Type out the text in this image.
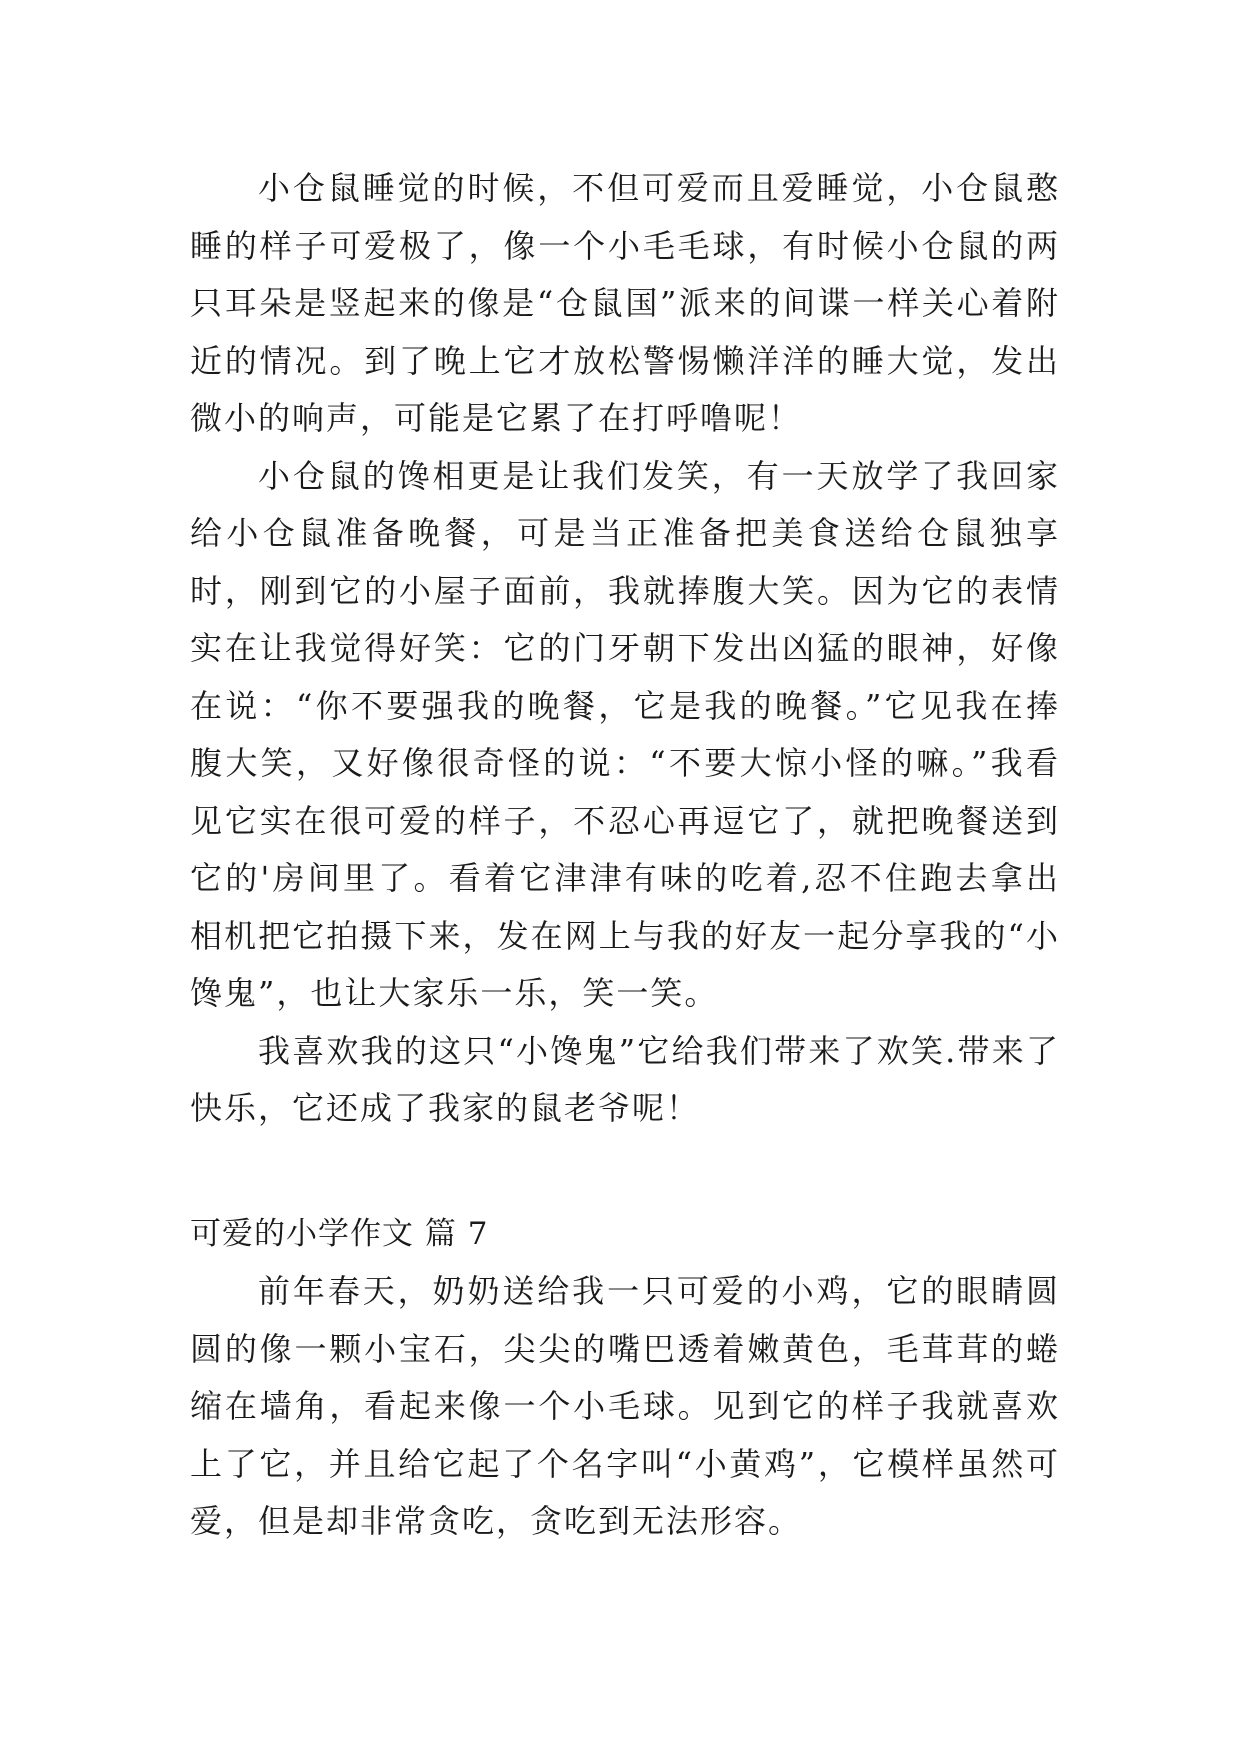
小仓鼠睡觉的时候，不但可爱而且爱睡觉，小仓鼠憨睡的样子可爱极了，像一个小毛毛球，有时候小仓鼠的两只耳朵是竖起来的像是“仓鼠国”派来的间谍一样关心着附近的情况。到了晚上它才放松警惕懒洋洋的睡大觉，发出微小的响声，可能是它累了在打呼噜呢！

小仓鼠的馋相更是让我们发笑，有一天放学了我回家给小仓鼠准备晚餐，可是当正准备把美食送给仓鼠独享时，刚到它的小屋子面前，我就捧腹大笑。因为它的表情实在让我觉得好笑：它的门牙朝下发出凶猛的眼神，好像在说：“你不要强我的晚餐，它是我的晚餐。”它见我在捧腹大笑，又好像很奇怪的说：“不要大惊小怪的嘛。”我看见它实在很可爱的样子，不忍心再逗它了，就把晚餐送到它的'房间里了。看着它津津有味的吃着,忍不住跑去拿出相机把它拍摄下来，发在网上与我的好友一起分享我的“小馋鬼”，也让大家乐一乐，笑一笑。

我喜欢我的这只“小馋鬼”它给我们带来了欢笑.带来了快乐，它还成了我家的鼠老爷呢！

可爱的小学作文 篇 7

前年春天，奶奶送给我一只可爱的小鸡，它的眼睛圆圆的像一颗小宝石，尖尖的嘴巴透着嫩黄色，毛茸茸的蜷缩在墙角，看起来像一个小毛球。见到它的样子我就喜欢上了它，并且给它起了个名字叫“小黄鸡”，它模样虽然可爱，但是却非常贪吃，贪吃到无法形容。
